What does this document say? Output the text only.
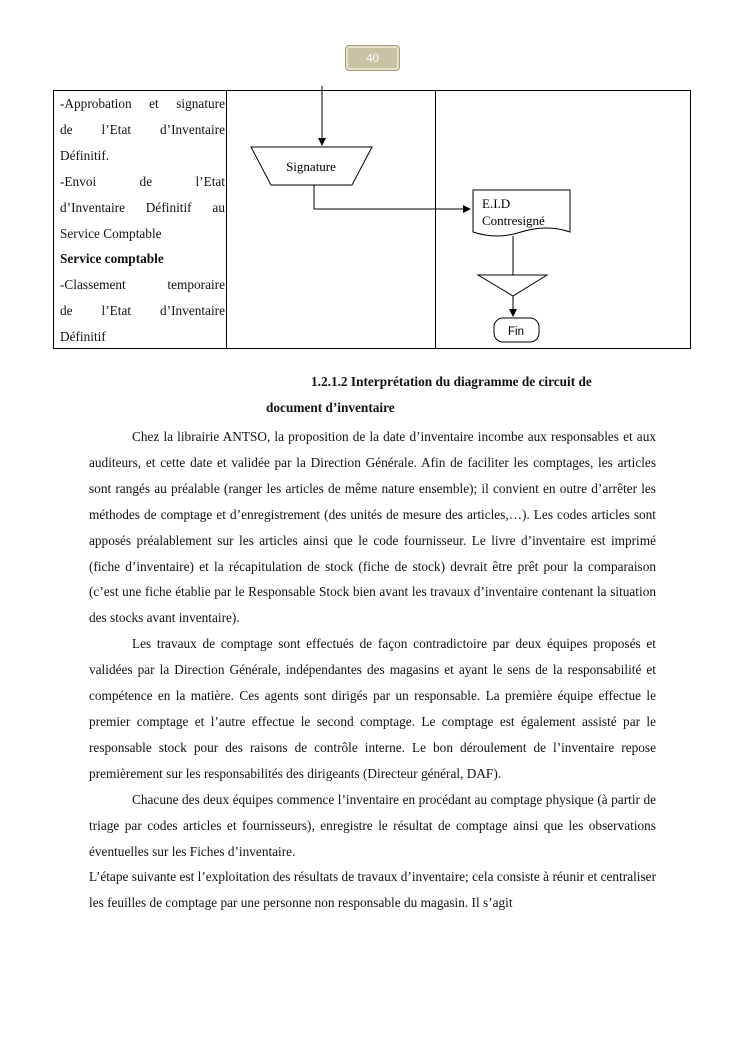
40
-Approbation et signature
de l’Etat d’Inventaire
Définitif.
-Envoi de l’Etat
d’Inventaire Définitif au
Service Comptable
Service comptable
-Classement temporaire
de l’Etat d’Inventaire
Définitif
Signature
E.I.D
Contresigné
Fin
1.2.1.2 Interprétation du diagramme de circuit de
document d’inventaire

Chez la librairie ANTSO, la proposition de la date d’inventaire incombe aux responsables et aux auditeurs, et cette date et validée par la Direction Générale. Afin de faciliter les comptages, les articles sont rangés au préalable (ranger les articles de même nature ensemble); il convient en outre d’arrêter les méthodes de comptage et d’enregistrement (des unités de mesure des articles,…). Les codes articles sont apposés préalablement sur les articles ainsi que le code fournisseur. Le livre d’inventaire est imprimé (fiche d’inventaire) et la récapitulation de stock (fiche de stock) devrait être prêt pour la comparaison (c’est une fiche établie par le Responsable Stock bien avant les travaux d’inventaire contenant la situation des stocks avant inventaire).

Les travaux de comptage sont effectués de façon contradictoire par deux équipes proposés et validées par la Direction Générale, indépendantes des magasins et ayant le sens de la responsabilité et compétence en la matière. Ces agents sont dirigés par un responsable. La première équipe effectue le premier comptage et l’autre effectue le second comptage. Le comptage est également assisté par le responsable stock pour des raisons de contrôle interne. Le bon déroulement de l’inventaire repose premièrement sur les responsabilités des dirigeants (Directeur général, DAF).

Chacune des deux équipes commence l’inventaire en procédant au comptage physique (à partir de triage par codes articles et fournisseurs), enregistre le résultat de comptage ainsi que les observations éventuelles sur les Fiches d’inventaire.

L’étape suivante est l’exploitation des résultats de travaux d’inventaire; cela consiste à réunir et centraliser les feuilles de comptage par une personne non responsable du magasin. Il s’agit
